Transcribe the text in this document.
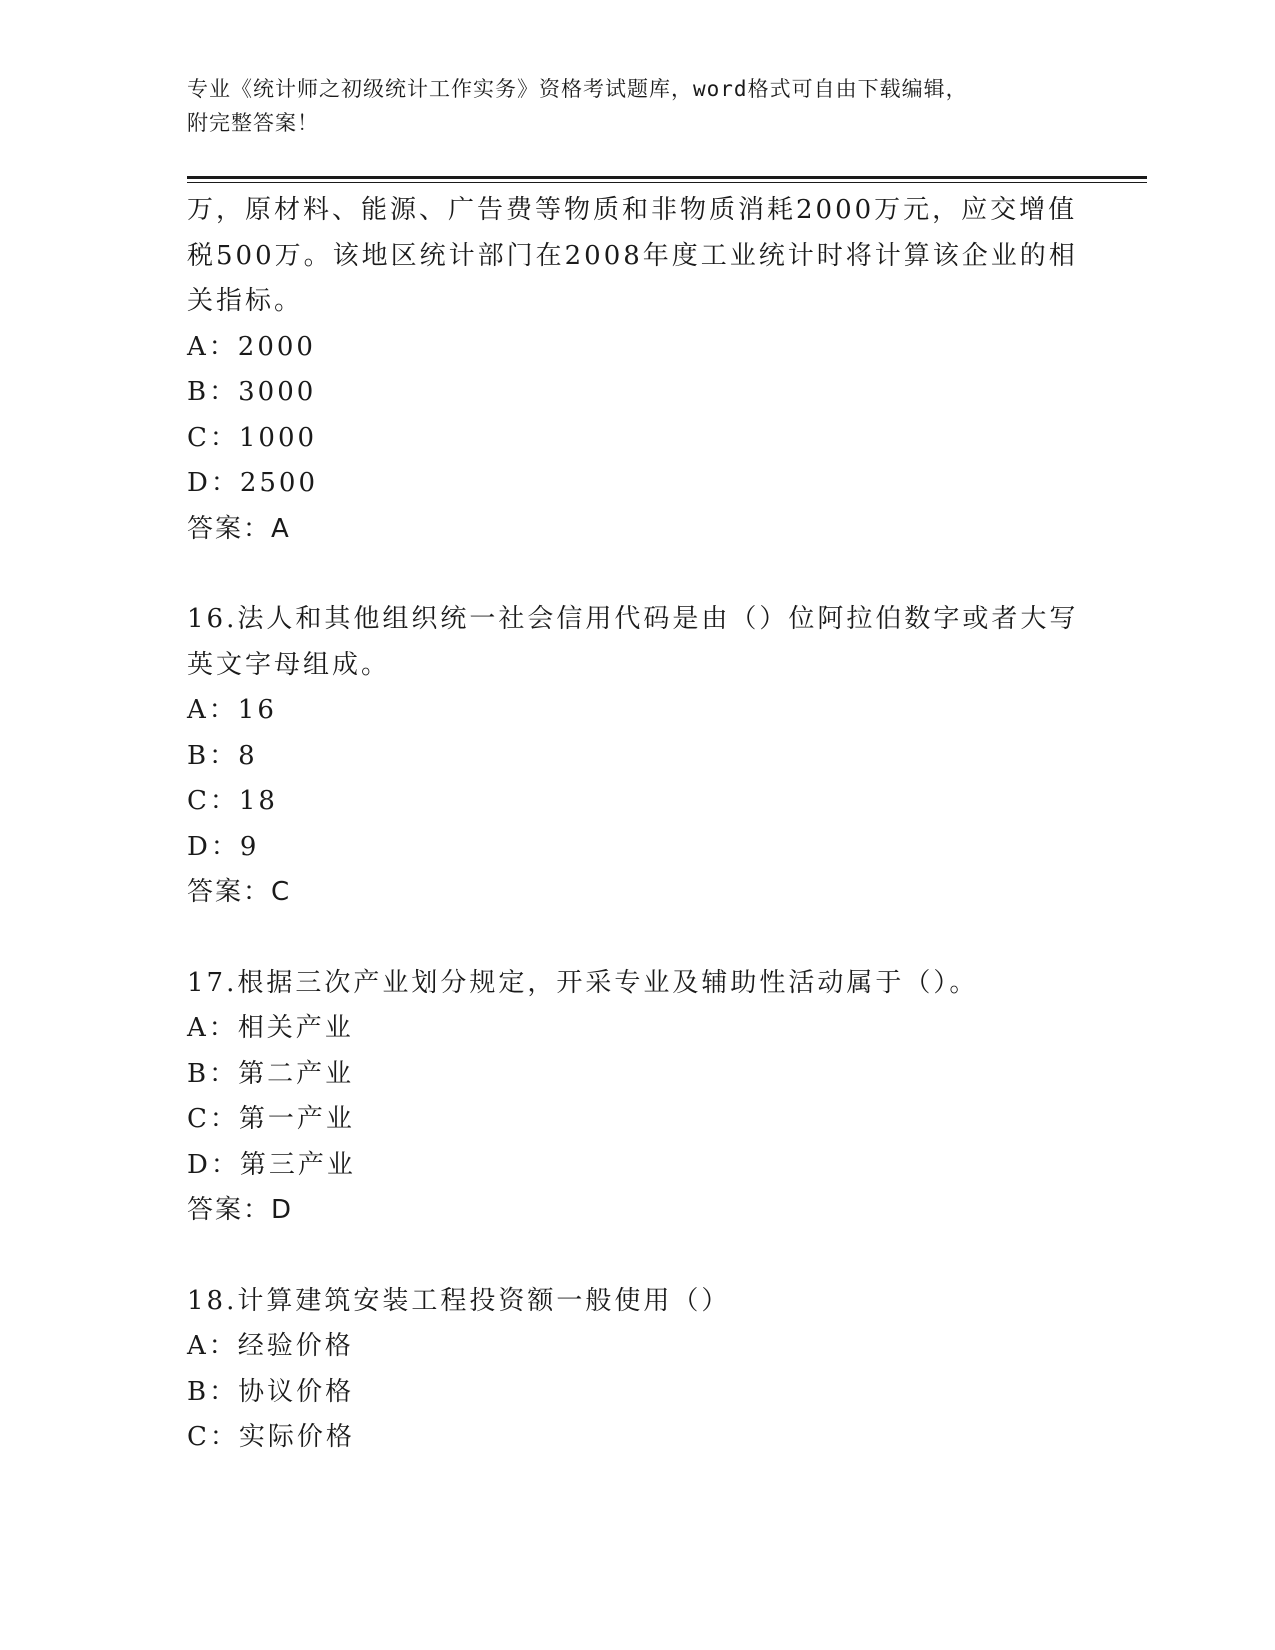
专业《统计师之初级统计工作实务》资格考试题库，word格式可自由下载编辑，
附完整答案！
万，原材料、能源、广告费等物质和非物质消耗2000万元，应交增值
税500万。该地区统计部门在2008年度工业统计时将计算该企业的相
关指标。
A：2000
B：3000
C：1000
D：2500
答案：A
16.法人和其他组织统一社会信用代码是由（）位阿拉伯数字或者大写
英文字母组成。
A：16
B：8
C：18
D：9
答案：C
17.根据三次产业划分规定，开采专业及辅助性活动属于（）。
A：相关产业
B：第二产业
C：第一产业
D：第三产业
答案：D
18.计算建筑安装工程投资额一般使用（）
A：经验价格
B：协议价格
C：实际价格
